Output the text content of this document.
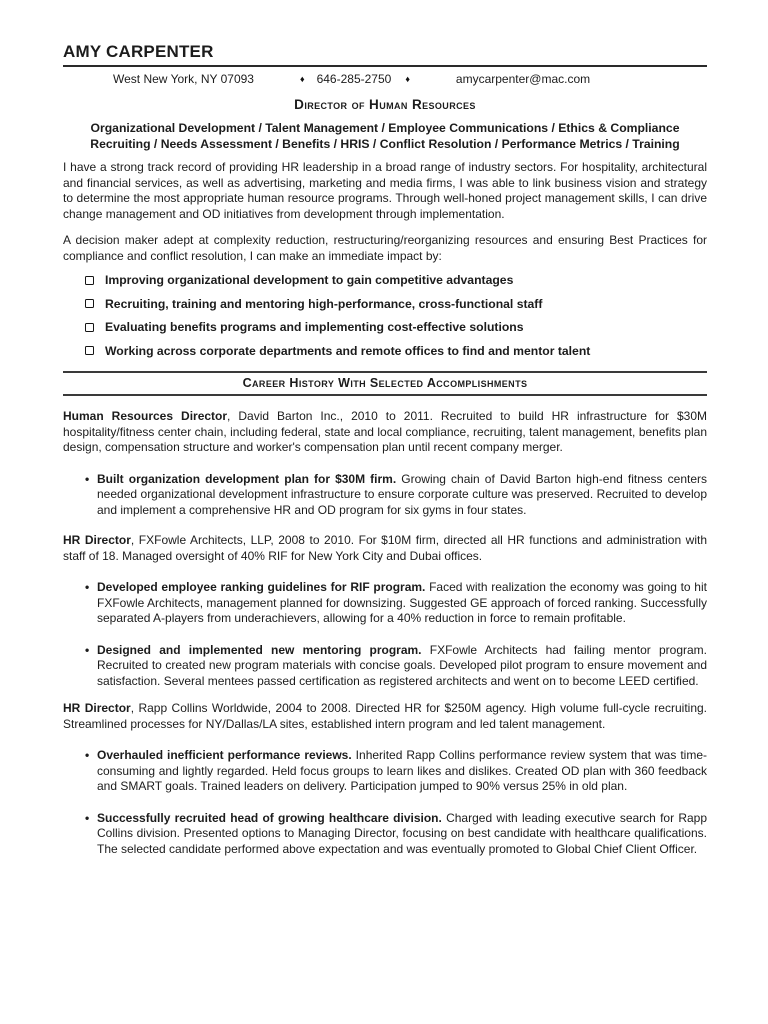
AMY CARPENTER
West New York, NY 07093	♦ 646-285-2750 ♦	amycarpenter@mac.com
Director of Human Resources
Organizational Development / Talent Management / Employee Communications / Ethics & Compliance
Recruiting / Needs Assessment / Benefits / HRIS / Conflict Resolution / Performance Metrics / Training

I have a strong track record of providing HR leadership in a broad range of industry sectors. For hospitality, architectural and financial services, as well as advertising, marketing and media firms, I was able to link business vision and strategy to determine the most appropriate human resource programs. Through well-honed project management skills, I can drive change management and OD initiatives from development through implementation.

A decision maker adept at complexity reduction, restructuring/reorganizing resources and ensuring Best Practices for compliance and conflict resolution, I can make an immediate impact by:

Improving organizational development to gain competitive advantages
Recruiting, training and mentoring high-performance, cross-functional staff
Evaluating benefits programs and implementing cost-effective solutions
Working across corporate departments and remote offices to find and mentor talent
Career History With Selected Accomplishments

Human Resources Director, David Barton Inc., 2010 to 2011. Recruited to build HR infrastructure for $30M hospitality/fitness center chain, including federal, state and local compliance, recruiting, talent management, benefits plan design, compensation structure and worker's compensation plan until recent company merger.

• Built organization development plan for $30M firm. Growing chain of David Barton high-end fitness centers needed organizational development infrastructure to ensure corporate culture was preserved. Recruited to develop and implement a comprehensive HR and OD program for six gyms in four states.

HR Director, FXFowle Architects, LLP, 2008 to 2010. For $10M firm, directed all HR functions and administration with staff of 18. Managed oversight of 40% RIF for New York City and Dubai offices.

• Developed employee ranking guidelines for RIF program. Faced with realization the economy was going to hit FXFowle Architects, management planned for downsizing. Suggested GE approach of forced ranking. Successfully separated A-players from underachievers, allowing for a 40% reduction in force to remain profitable.
• Designed and implemented new mentoring program. FXFowle Architects had failing mentor program. Recruited to created new program materials with concise goals. Developed pilot program to ensure movement and satisfaction. Several mentees passed certification as registered architects and went on to become LEED certified.

HR Director, Rapp Collins Worldwide, 2004 to 2008. Directed HR for $250M agency. High volume full-cycle recruiting. Streamlined processes for NY/Dallas/LA sites, established intern program and led talent management.

• Overhauled inefficient performance reviews. Inherited Rapp Collins performance review system that was time-consuming and lightly regarded. Held focus groups to learn likes and dislikes. Created OD plan with 360 feedback and SMART goals. Trained leaders on delivery. Participation jumped to 90% versus 25% in old plan.
• Successfully recruited head of growing healthcare division. Charged with leading executive search for Rapp Collins division. Presented options to Managing Director, focusing on best candidate with healthcare qualifications. The selected candidate performed above expectation and was eventually promoted to Global Chief Client Officer.
